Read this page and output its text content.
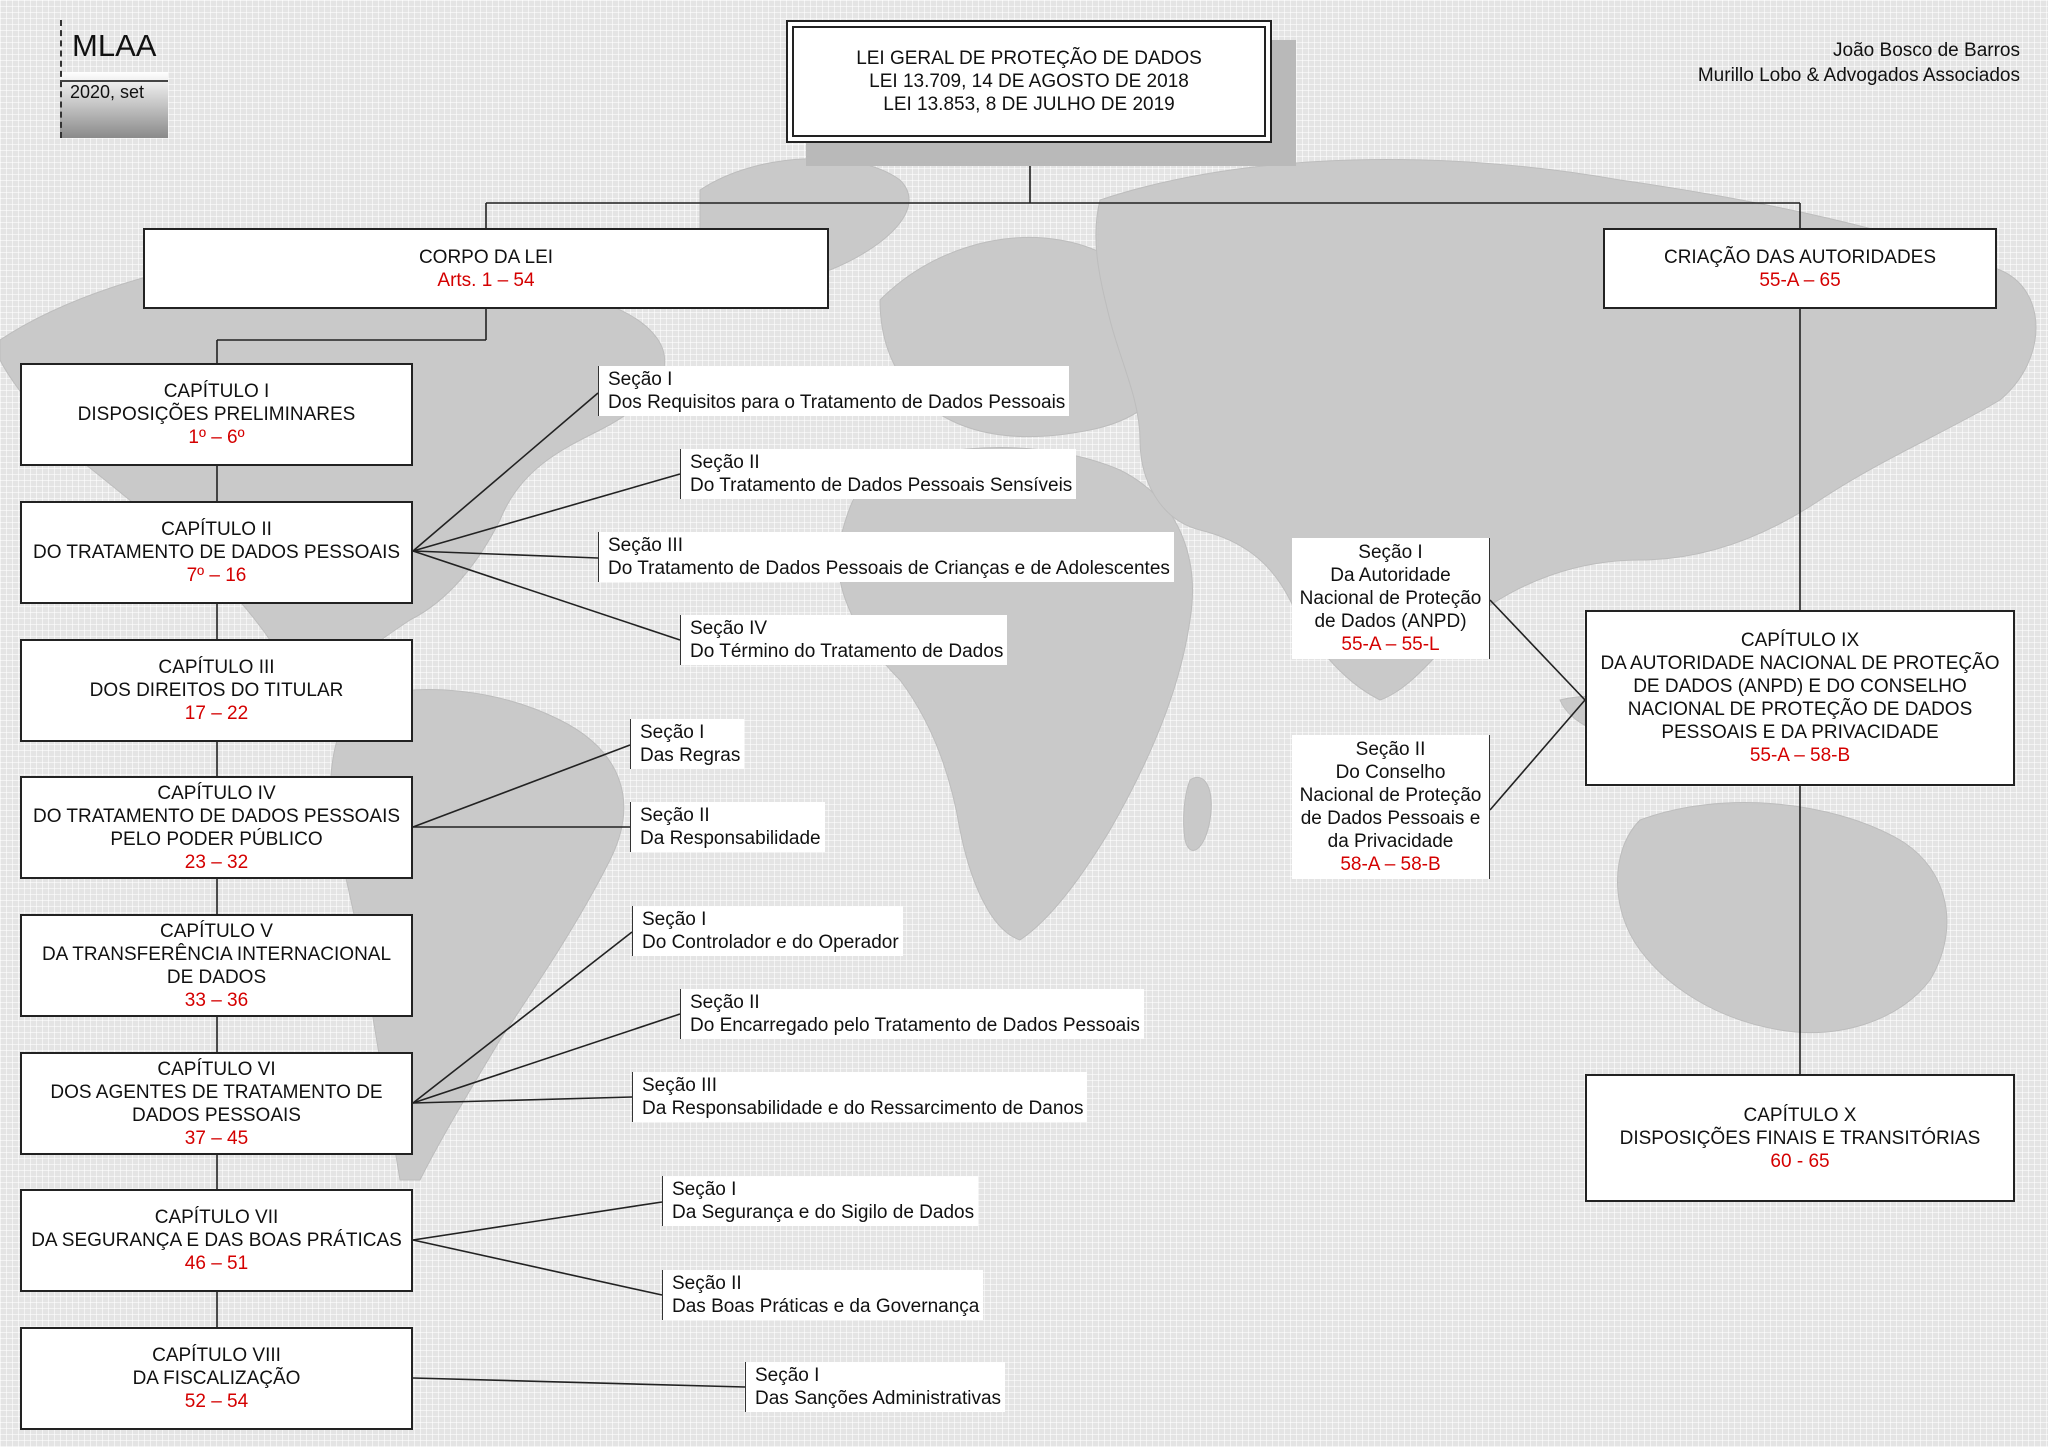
MLAA
2020, set
João Bosco de Barros
Murillo Lobo & Advogados Associados
LEI GERAL DE PROTEÇÃO DE DADOS
LEI 13.709, 14 DE AGOSTO DE 2018
LEI 13.853, 8 DE JULHO DE 2019
CORPO DA LEI
Arts. 1 – 54
CRIAÇÃO DAS AUTORIDADES
55-A – 65
CAPÍTULO I
DISPOSIÇÕES PRELIMINARES
1º – 6º
CAPÍTULO II
DO TRATAMENTO DE DADOS PESSOAIS
7º – 16
CAPÍTULO III
DOS DIREITOS DO TITULAR
17 – 22
CAPÍTULO IV
DO TRATAMENTO DE DADOS PESSOAIS
PELO PODER PÚBLICO
23 – 32
CAPÍTULO V
DA TRANSFERÊNCIA INTERNACIONAL
DE DADOS
33 – 36
CAPÍTULO VI
DOS AGENTES DE TRATAMENTO DE
DADOS PESSOAIS
37 – 45
CAPÍTULO VII
DA SEGURANÇA E DAS BOAS PRÁTICAS
46 – 51
CAPÍTULO VIII
DA FISCALIZAÇÃO
52 – 54
Seção I
Dos Requisitos para o Tratamento de Dados Pessoais
Seção II
Do Tratamento de Dados Pessoais Sensíveis
Seção III
Do Tratamento de Dados Pessoais de Crianças e de Adolescentes
Seção IV
Do Término do Tratamento de Dados
Seção I
Das Regras
Seção II
Da Responsabilidade
Seção I
Do Controlador e do Operador
Seção II
Do Encarregado pelo Tratamento de Dados Pessoais
Seção III
Da Responsabilidade e do Ressarcimento de Danos
Seção I
Da Segurança e do Sigilo de Dados
Seção II
Das Boas Práticas e da Governança
Seção I
Das Sanções Administrativas
Seção I
Da Autoridade
Nacional de Proteção
de Dados (ANPD)
55-A – 55-L
Seção II
Do Conselho
Nacional de Proteção
de Dados Pessoais e
da Privacidade
58-A – 58-B
CAPÍTULO IX
DA AUTORIDADE NACIONAL DE PROTEÇÃO
DE DADOS (ANPD) E DO CONSELHO
NACIONAL DE PROTEÇÃO DE DADOS
PESSOAIS E DA PRIVACIDADE
55-A – 58-B
CAPÍTULO X
DISPOSIÇÕES FINAIS E TRANSITÓRIAS
60 - 65
